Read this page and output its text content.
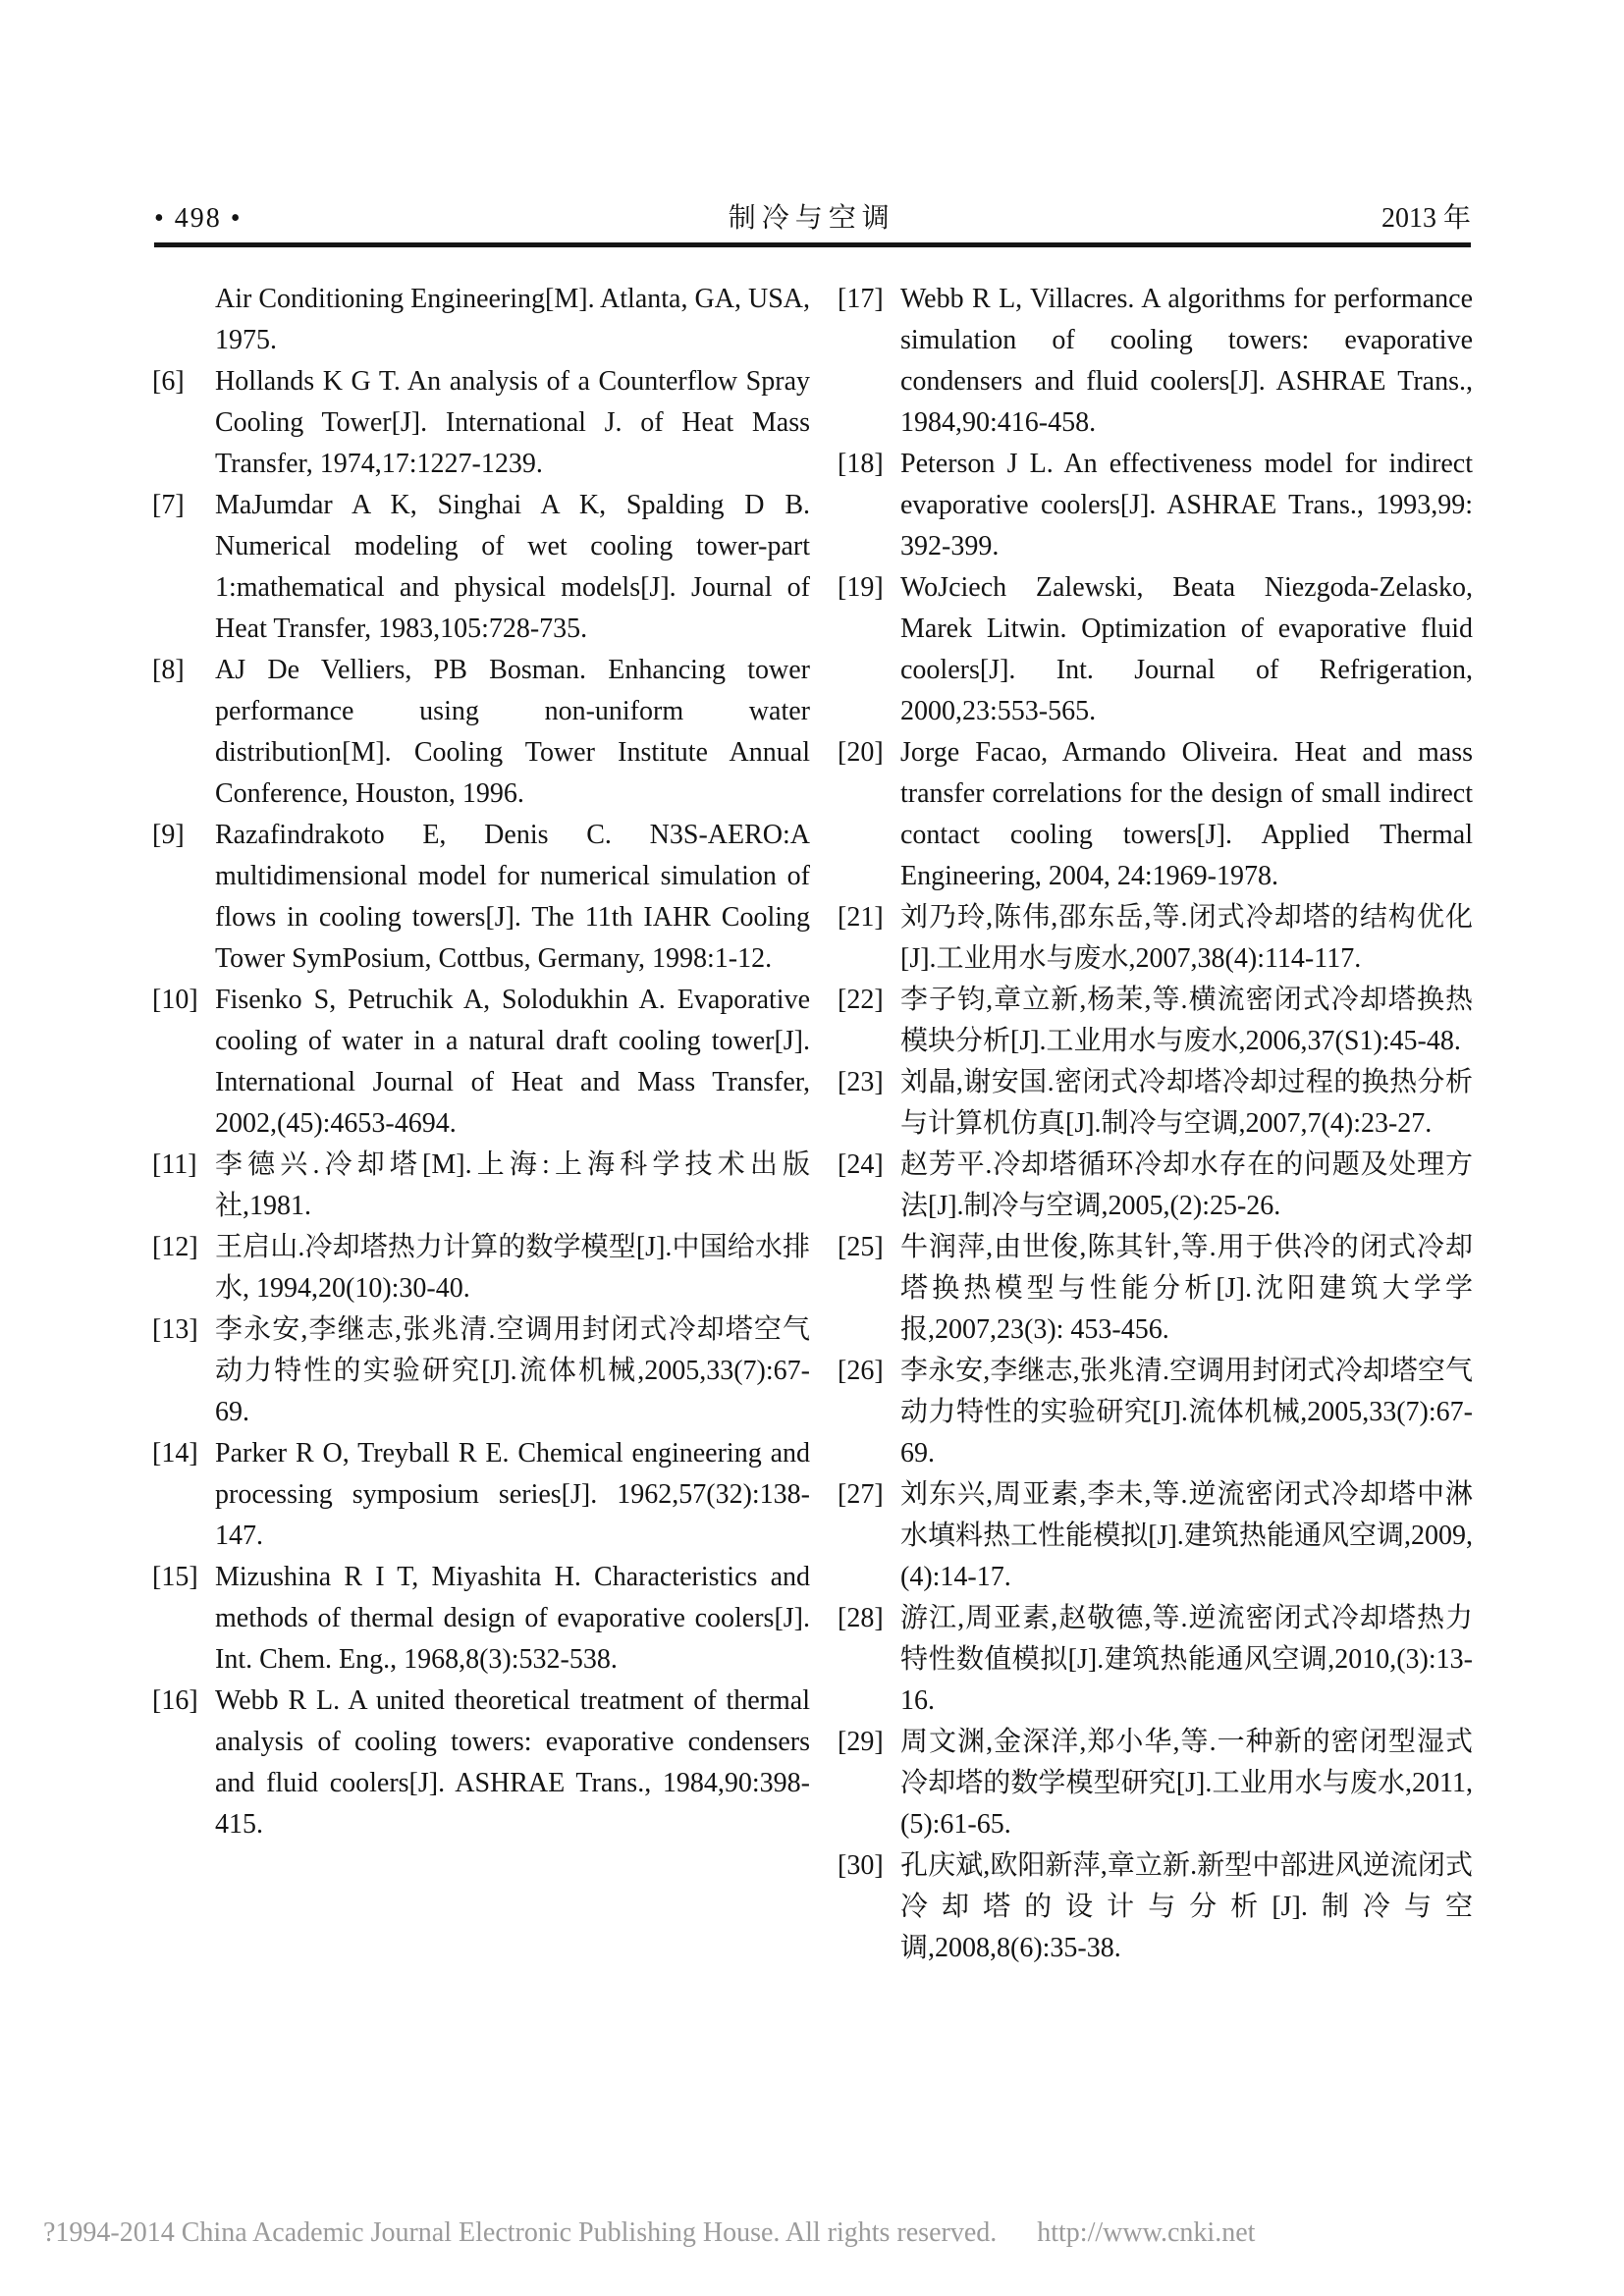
• 498 •	制冷与空调	2013 年
Air Conditioning Engineering[M]. Atlanta, GA, USA, 1975.
[6] Hollands K G T. An analysis of a Counterflow Spray Cooling Tower[J]. International J. of Heat Mass Transfer, 1974,17:1227-1239.
[7] MaJumdar A K, Singhai A K, Spalding D B. Numerical modeling of wet cooling tower-part 1:mathematical and physical models[J]. Journal of Heat Transfer, 1983,105:728-735.
[8] AJ De Velliers, PB Bosman. Enhancing tower performance using non-uniform water distribution[M]. Cooling Tower Institute Annual Conference, Houston, 1996.
[9] Razafindrakoto E, Denis C. N3S-AERO:A multidimensional model for numerical simulation of flows in cooling towers[J]. The 11th IAHR Cooling Tower SymPosium, Cottbus, Germany, 1998:1-12.
[10] Fisenko S, Petruchik A, Solodukhin A. Evaporative cooling of water in a natural draft cooling tower[J]. International Journal of Heat and Mass Transfer, 2002,(45):4653-4694.
[11] 李德兴.冷却塔[M].上海:上海科学技术出版社,1981.
[12] 王启山.冷却塔热力计算的数学模型[J].中国给水排水, 1994,20(10):30-40.
[13] 李永安,李继志,张兆清.空调用封闭式冷却塔空气动力特性的实验研究[J].流体机械,2005,33(7):67-69.
[14] Parker R O, Treyball R E. Chemical engineering and processing symposium series[J]. 1962,57(32):138-147.
[15] Mizushina R I T, Miyashita H. Characteristics and methods of thermal design of evaporative coolers[J]. Int. Chem. Eng., 1968,8(3):532-538.
[16] Webb R L. A united theoretical treatment of thermal analysis of cooling towers: evaporative condensers and fluid coolers[J]. ASHRAE Trans., 1984,90:398-415.
[17] Webb R L, Villacres. A algorithms for performance simulation of cooling towers: evaporative condensers and fluid coolers[J]. ASHRAE Trans., 1984,90:416-458.
[18] Peterson J L. An effectiveness model for indirect evaporative coolers[J]. ASHRAE Trans., 1993,99: 392-399.
[19] WoJciech Zalewski, Beata Niezgoda-Zelasko, Marek Litwin. Optimization of evaporative fluid coolers[J]. Int. Journal of Refrigeration, 2000,23:553-565.
[20] Jorge Facao, Armando Oliveira. Heat and mass transfer correlations for the design of small indirect contact cooling towers[J]. Applied Thermal Engineering, 2004, 24:1969-1978.
[21] 刘乃玲,陈伟,邵东岳,等.闭式冷却塔的结构优化[J].工业用水与废水,2007,38(4):114-117.
[22] 李子钧,章立新,杨茉,等.横流密闭式冷却塔换热模块分析[J].工业用水与废水,2006,37(S1):45-48.
[23] 刘晶,谢安国.密闭式冷却塔冷却过程的换热分析与计算机仿真[J].制冷与空调,2007,7(4):23-27.
[24] 赵芳平.冷却塔循环冷却水存在的问题及处理方法[J].制冷与空调,2005,(2):25-26.
[25] 牛润萍,由世俊,陈其针,等.用于供冷的闭式冷却塔换热模型与性能分析[J].沈阳建筑大学学报,2007,23(3): 453-456.
[26] 李永安,李继志,张兆清.空调用封闭式冷却塔空气动力特性的实验研究[J].流体机械,2005,33(7):67-69.
[27] 刘东兴,周亚素,李未,等.逆流密闭式冷却塔中淋水填料热工性能模拟[J].建筑热能通风空调,2009,(4):14-17.
[28] 游江,周亚素,赵敬德,等.逆流密闭式冷却塔热力特性数值模拟[J].建筑热能通风空调,2010,(3):13-16.
[29] 周文渊,金深洋,郑小华,等.一种新的密闭型湿式冷却塔的数学模型研究[J].工业用水与废水,2011,(5):61-65.
[30] 孔庆斌,欧阳新萍,章立新.新型中部进风逆流闭式冷却塔的设计与分析[J].制冷与空调,2008,8(6):35-38.
?1994-2014 China Academic Journal Electronic Publishing House. All rights reserved. http://www.cnki.net
